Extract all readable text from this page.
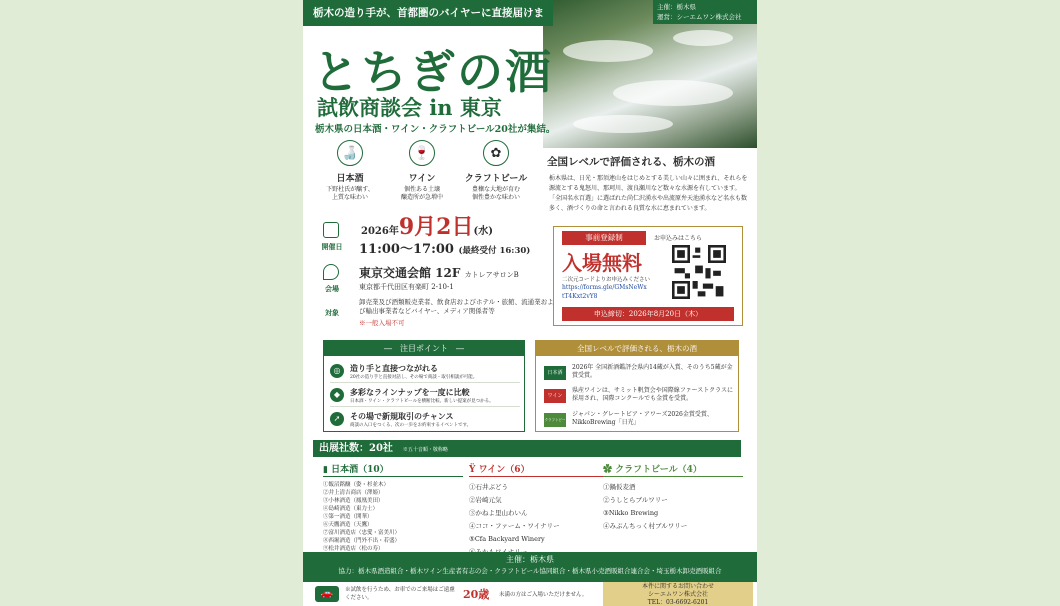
栃木の造り手が、首都圏のバイヤーに直接届けます。
主催：栃木県
運営：シーエムワン株式会社
とちぎの酒
試飲商談会 in 東京
栃木県の日本酒・ワイン・クラフトビール20社が集結。
🍶
日本酒
下野杜氏が醸す、
上質な味わい
🍷
ワイン
個性ある土壌
醸造所が急増中
✿
クラフトビール
豊穣な大地が育む
個性豊かな味わい
全国レベルで評価される、栃木の酒
栃木県は、日光・那須連山をはじめとする美しい山々に囲まれ、それらを源流とする鬼怒川、那珂川、渡良瀬川など数々な水源を有しています。「全国名水百選」に選ばれた尚仁沢湧水や出流原弁天池湧水など名水も数多く、酒づくりの命と言われる良質な水に恵まれています。
開催日
会場
対象
2026年9月2日(水)
11:00〜17:00 (最終受付 16:30)
東京交通会館 12F カトレアサロンB
東京都千代田区有楽町 2-10-1
卸売業及び酒類販売業者、飲食店およびホテル・旅館、流通業および輸出事業者などバイヤー、メディア関係者等
※一般入場不可
事前登録制	お申込みはこちら
入場無料
二次元コードよりお申込みください
https://forms.gle/GMsNeWxtT4Kxt2vY8
申込締切：2026年8月20日（木）
―　注目ポイント　―
◎	造り手と直接つながれる
20社の造り手と直接対話し、その場で商談・取引相談が可能。
◆	多彩なラインナップを一度に比較
日本酒・ワイン・クラフトビールを横断比較。新しい提案が見つかる。
➚	その場で新規取引のチャンス
商談の入口をつくる、次の一歩をお約束するイベントです。
全国レベルで評価される、栃木の酒
日本酒
2026年 全国新酒鑑評会県内14蔵が入賞、そのうち5蔵が金賞受賞。
ワイン
県産ワインは、サミット帆賀会や国際線ファーストクラスに採用され、国際コンクールでも金賞を受賞。
クラフトビール
ジャパン・グレートビア・アワーズ2026金賞受賞、NikkoBrewing「日光」
出展社数：20社　 ※五十音順・敬称略
▮ 日本酒（10）
①飯沼銘醸（姿・杉並木）
②井上清吉商店（澤姫）
③小林酒造（鳳凰美田）
④島崎酒造（東力士）
⑤第一酒造（開華）
⑥天鷹酒造（天鷹）
⑦富川酒造店（忠愛・富美川）
⑧西堀酒造（門外不出・若盛）
⑨松井酒造店（松の寿）
Ÿ ワイン（6）
①石井ぶどう
②岩崎元気
③かねよ里山わいん
④ココ・ファーム・ワイナリー
⑤Cfa Backyard Winery
✿ クラフトビール（4）
①鍋仮麦酒
②うしとらブルワリー
③Nikko Brewing
④みぶんちっく村ブルワリー
主催：栃木県
協力：栃木県酒造組合・栃木ワイン生産者有志の会・クラフトビール協同組合・栃木県小売酒販組合連合会・埼玉栃木卸売酒販組合
🚗	※試飲を行うため、お車でのご来場はご遠慮ください。	20歳 未満の方はご入場いただけません。
本件に関するお問い合わせ
シーエムワン株式会社
TEL：03-6692-6201
